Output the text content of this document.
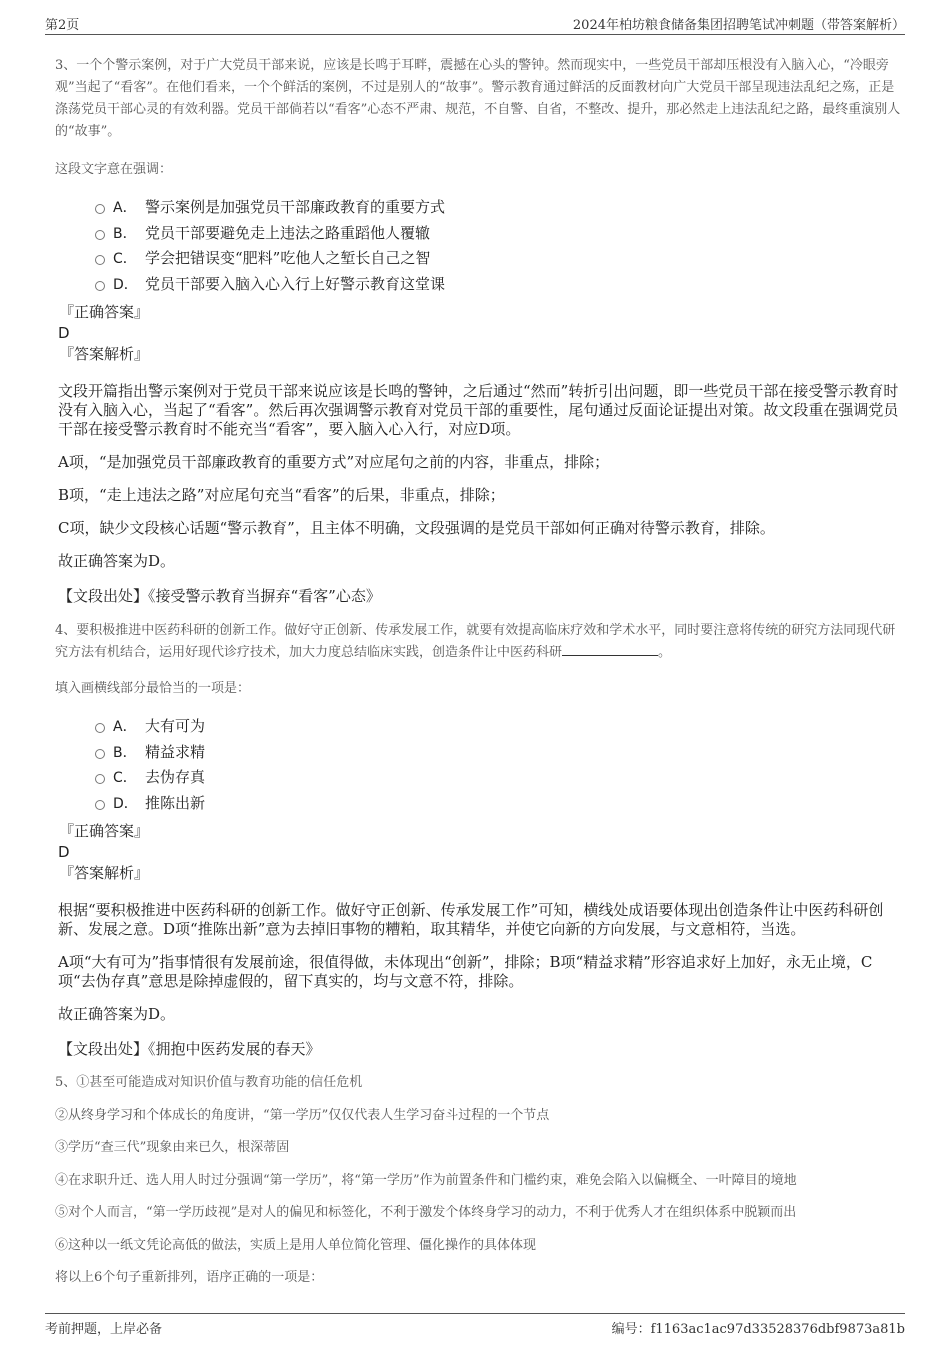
第2页	2024年柏坊粮食储备集团招聘笔试冲刺题（带答案解析）

3、一个个警示案例，对于广大党员干部来说，应该是长鸣于耳畔，震撼在心头的警钟。然而现实中，一些党员干部却压根没有入脑入心，“冷眼旁观”当起了“看客”。在他们看来，一个个鲜活的案例，不过是别人的“故事”。警示教育通过鲜活的反面教材向广大党员干部呈现违法乱纪之殇，正是涤荡党员干部心灵的有效利器。党员干部倘若以“看客”心态不严肃、规范，不自警、自省，不整改、提升，那必然走上违法乱纪之路，最终重演别人的“故事”。

这段文字意在强调：

A． 警示案例是加强党员干部廉政教育的重要方式
B． 党员干部要避免走上违法之路重蹈他人覆辙
C． 学会把错误变“肥料”吃他人之堑长自己之智
D． 党员干部要入脑入心入行上好警示教育这堂课

『正确答案』

D

『答案解析』

文段开篇指出警示案例对于党员干部来说应该是长鸣的警钟，之后通过“然而”转折引出问题，即一些党员干部在接受警示教育时没有入脑入心，当起了“看客”。然后再次强调警示教育对党员干部的重要性，尾句通过反面论证提出对策。故文段重在强调党员干部在接受警示教育时不能充当“看客”，要入脑入心入行，对应D项。

A项，“是加强党员干部廉政教育的重要方式”对应尾句之前的内容，非重点，排除；

B项，“走上违法之路”对应尾句充当“看客”的后果，非重点，排除；

C项，缺少文段核心话题“警示教育”，且主体不明确，文段强调的是党员干部如何正确对待警示教育，排除。

故正确答案为D。

【文段出处】《接受警示教育当摒弃“看客”心态》

4、要积极推进中医药科研的创新工作。做好守正创新、传承发展工作，就要有效提高临床疗效和学术水平，同时要注意将传统的研究方法同现代研究方法有机结合，运用好现代诊疗技术，加大力度总结临床实践，创造条件让中医药科研	。

填入画横线部分最恰当的一项是：

A． 大有可为
B． 精益求精
C． 去伪存真
D． 推陈出新

『正确答案』

D

『答案解析』

根据“要积极推进中医药科研的创新工作。做好守正创新、传承发展工作”可知，横线处成语要体现出创造条件让中医药科研创新、发展之意。D项“推陈出新”意为去掉旧事物的糟粕，取其精华，并使它向新的方向发展，与文意相符，当选。

A项“大有可为”指事情很有发展前途，很值得做，未体现出“创新”，排除；B项“精益求精”形容追求好上加好，永无止境，C项“去伪存真”意思是除掉虚假的，留下真实的，均与文意不符，排除。

故正确答案为D。

【文段出处】《拥抱中医药发展的春天》

5、①甚至可能造成对知识价值与教育功能的信任危机

②从终身学习和个体成长的角度讲，“第一学历”仅仅代表人生学习奋斗过程的一个节点

③学历“查三代”现象由来已久，根深蒂固

④在求职升迁、选人用人时过分强调“第一学历”，将“第一学历”作为前置条件和门槛约束，难免会陷入以偏概全、一叶障目的境地

⑤对个人而言，“第一学历歧视”是对人的偏见和标签化，不利于激发个体终身学习的动力，不利于优秀人才在组织体系中脱颖而出

⑥这种以一纸文凭论高低的做法，实质上是用人单位简化管理、僵化操作的具体体现

将以上6个句子重新排列，语序正确的一项是：

考前押题，上岸必备	编号：f1163ac1ac97d33528376dbf9873a81b
